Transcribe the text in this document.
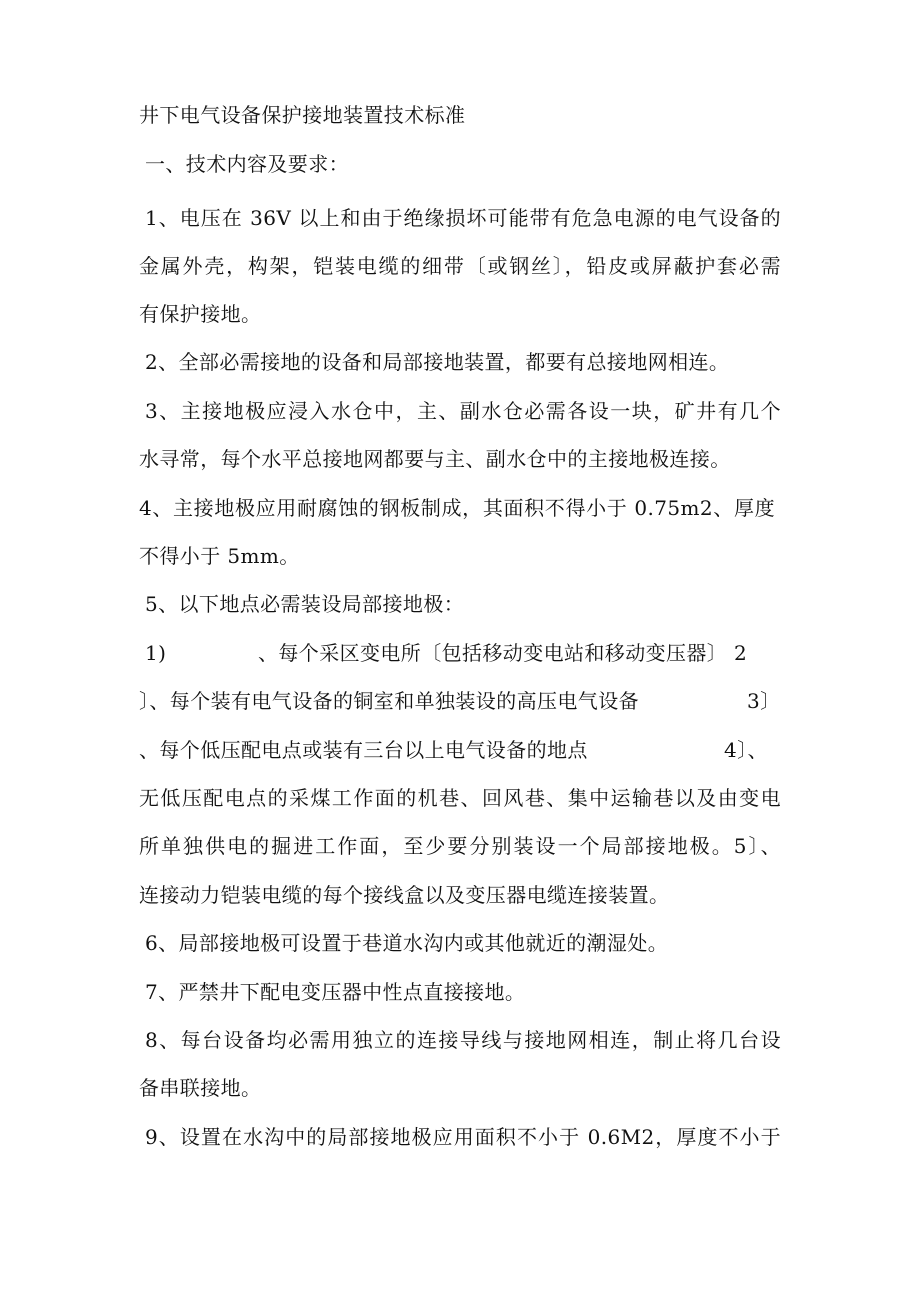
井下电气设备保护接地装置技术标准
一、技术内容及要求：
1、电压在 36V 以上和由于绝缘损坏可能带有危急电源的电气设备的
金属外壳，构架，铠装电缆的细带〔或钢丝〕，铅皮或屏蔽护套必需
有保护接地。
2、全部必需接地的设备和局部接地装置，都要有总接地网相连。
3、主接地极应浸入水仓中，主、副水仓必需各设一块，矿井有几个
水寻常，每个水平总接地网都要与主、副水仓中的主接地极连接。
4、主接地极应用耐腐蚀的钢板制成，其面积不得小于 0.75m2、厚度
不得小于 5mm。
5、以下地点必需装设局部接地极：
1)	、每个采区变电所〔包括移动变电站和移动变压器〕 2
〕、每个装有电气设备的铜室和单独装设的高压电气设备	3〕
、每个低压配电点或装有三台以上电气设备的地点	4〕、
无低压配电点的采煤工作面的机巷、回风巷、集中运输巷以及由变电
所单独供电的掘进工作面，至少要分别装设一个局部接地极。5〕、
连接动力铠装电缆的每个接线盒以及变压器电缆连接装置。
6、局部接地极可设置于巷道水沟内或其他就近的潮湿处。
7、严禁井下配电变压器中性点直接接地。
8、每台设备均必需用独立的连接导线与接地网相连，制止将几台设
备串联接地。
9、设置在水沟中的局部接地极应用面积不小于 0.6M2，厚度不小于
